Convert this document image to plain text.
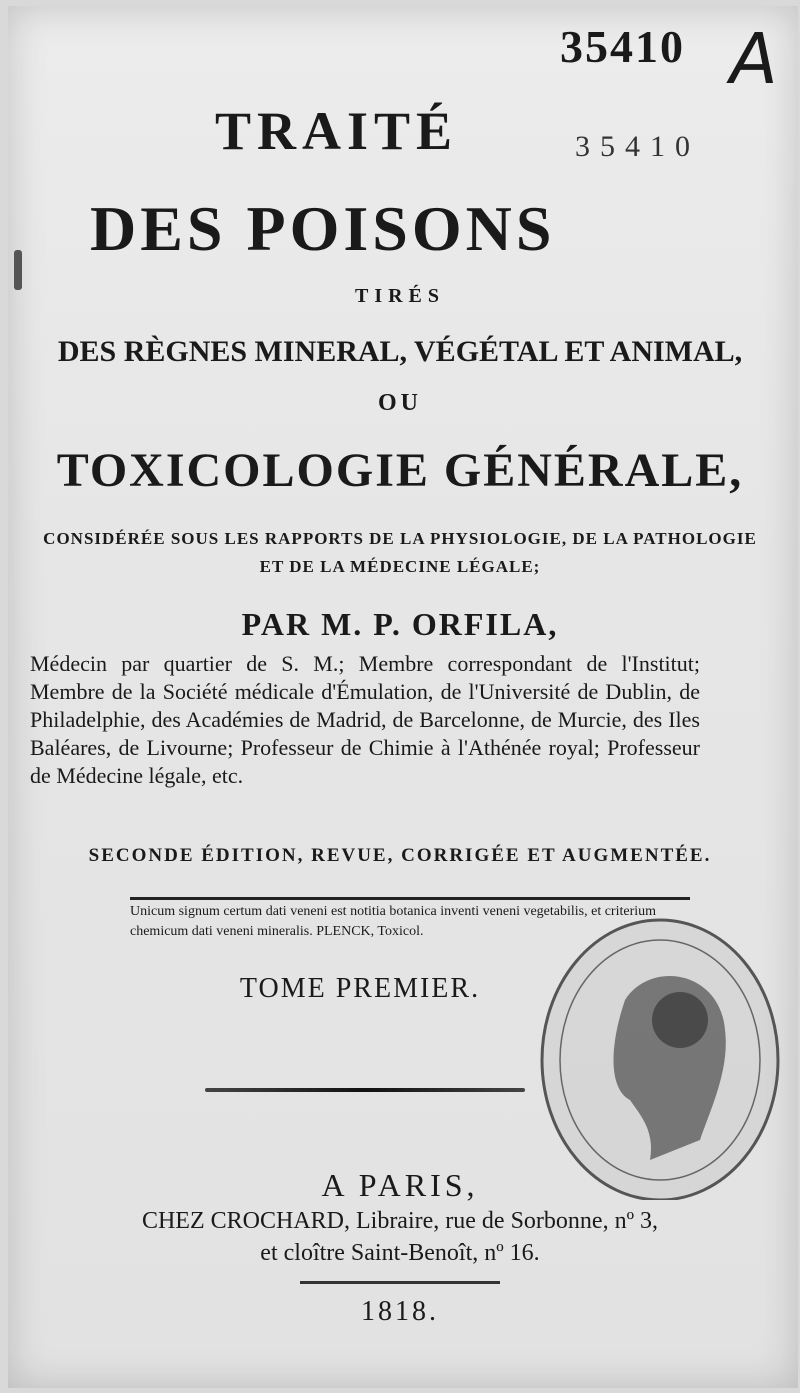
35410 A
35410
TRAITÉ
DES POISONS
TIRÉS
DES RÈGNES MINERAL, VÉGÉTAL ET ANIMAL,
OU
TOXICOLOGIE GÉNÉRALE,
CONSIDÉRÉE SOUS LES RAPPORTS DE LA PHYSIOLOGIE, DE LA PATHOLOGIE ET DE LA MÉDECINE LÉGALE;
PAR M. P. ORFILA,
Médecin par quartier de S. M.; Membre correspondant de l'Institut; Membre de la Société médicale d'Émulation, de l'Université de Dublin, de Philadelphie, des Académies de Madrid, de Barcelonne, de Murcie, des Iles Baléares, de Livourne; Professeur de Chimie à l'Athénée royal; Professeur de Médecine légale, etc.
SECONDE ÉDITION, REVUE, CORRIGÉE ET AUGMENTÉE.
Unicum signum certum dati veneni est notitia botanica inventi veneni vegetabilis, et criterium chemicum dati veneni mineralis. PLENCK, Toxicol.
TOME PREMIER.
A PARIS,
CHEZ CROCHARD, Libraire, rue de Sorbonne, nº 3,
et cloître Saint-Benoît, nº 16.
1818.
